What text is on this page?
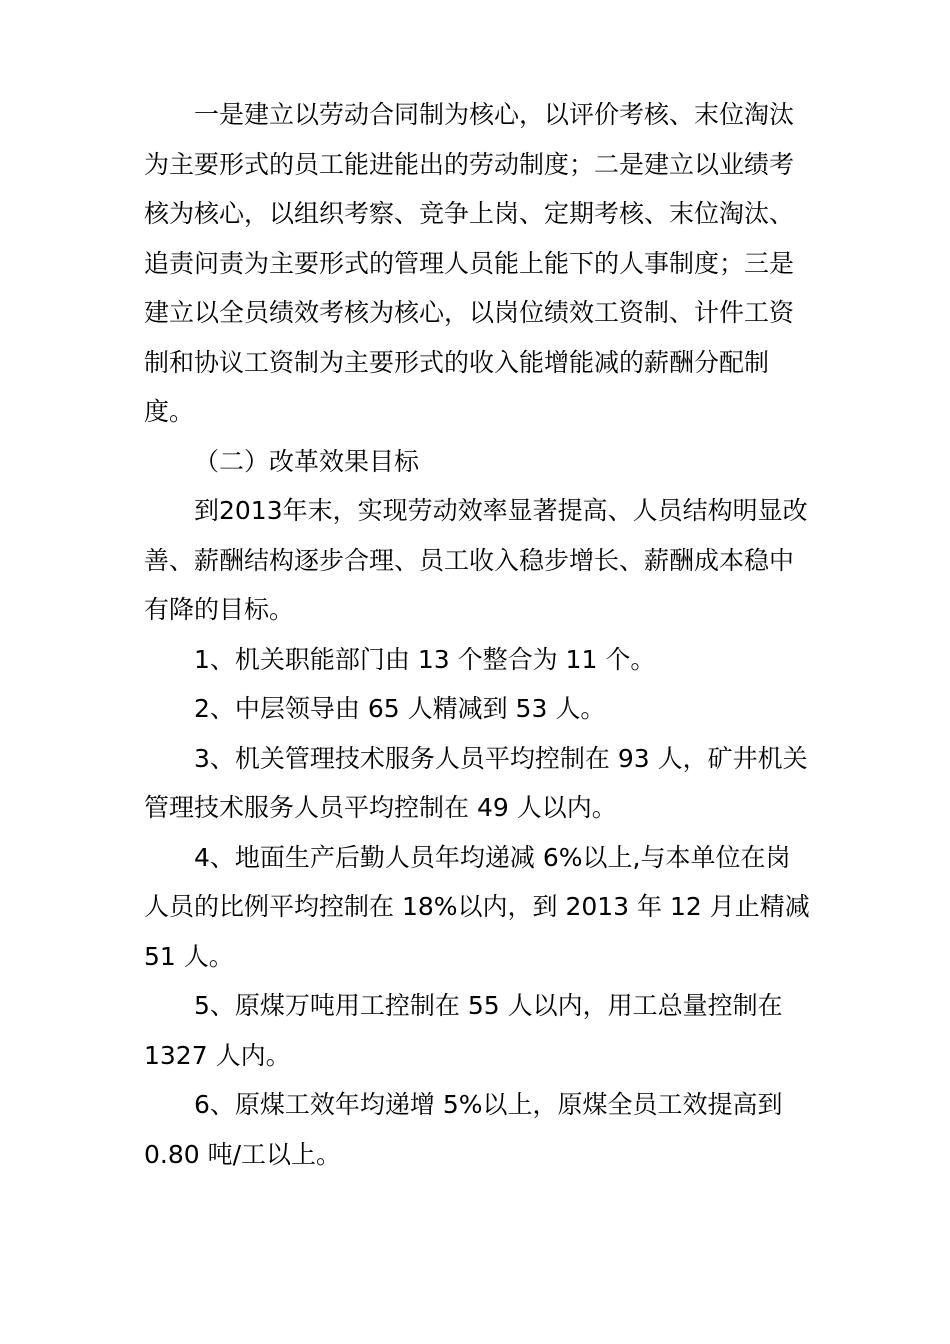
一是建立以劳动合同制为核心，以评价考核、末位淘汰
为主要形式的员工能进能出的劳动制度；二是建立以业绩考
核为核心，以组织考察、竞争上岗、定期考核、末位淘汰、
追责问责为主要形式的管理人员能上能下的人事制度；三是
建立以全员绩效考核为核心，以岗位绩效工资制、计件工资
制和协议工资制为主要形式的收入能增能减的薪酬分配制
度。
（二）改革效果目标
到2013年末，实现劳动效率显著提高、人员结构明显改
善、薪酬结构逐步合理、员工收入稳步增长、薪酬成本稳中
有降的目标。
1、机关职能部门由 13 个整合为 11 个。
2、中层领导由 65 人精减到 53 人。
3、机关管理技术服务人员平均控制在 93 人，矿井机关
管理技术服务人员平均控制在 49 人以内。
4、地面生产后勤人员年均递减 6%以上,与本单位在岗
人员的比例平均控制在 18%以内，到 2013 年 12 月止精减
51 人。
5、原煤万吨用工控制在 55 人以内，用工总量控制在
1327 人内。
6、原煤工效年均递增 5%以上，原煤全员工效提高到
0.80 吨/工以上。
